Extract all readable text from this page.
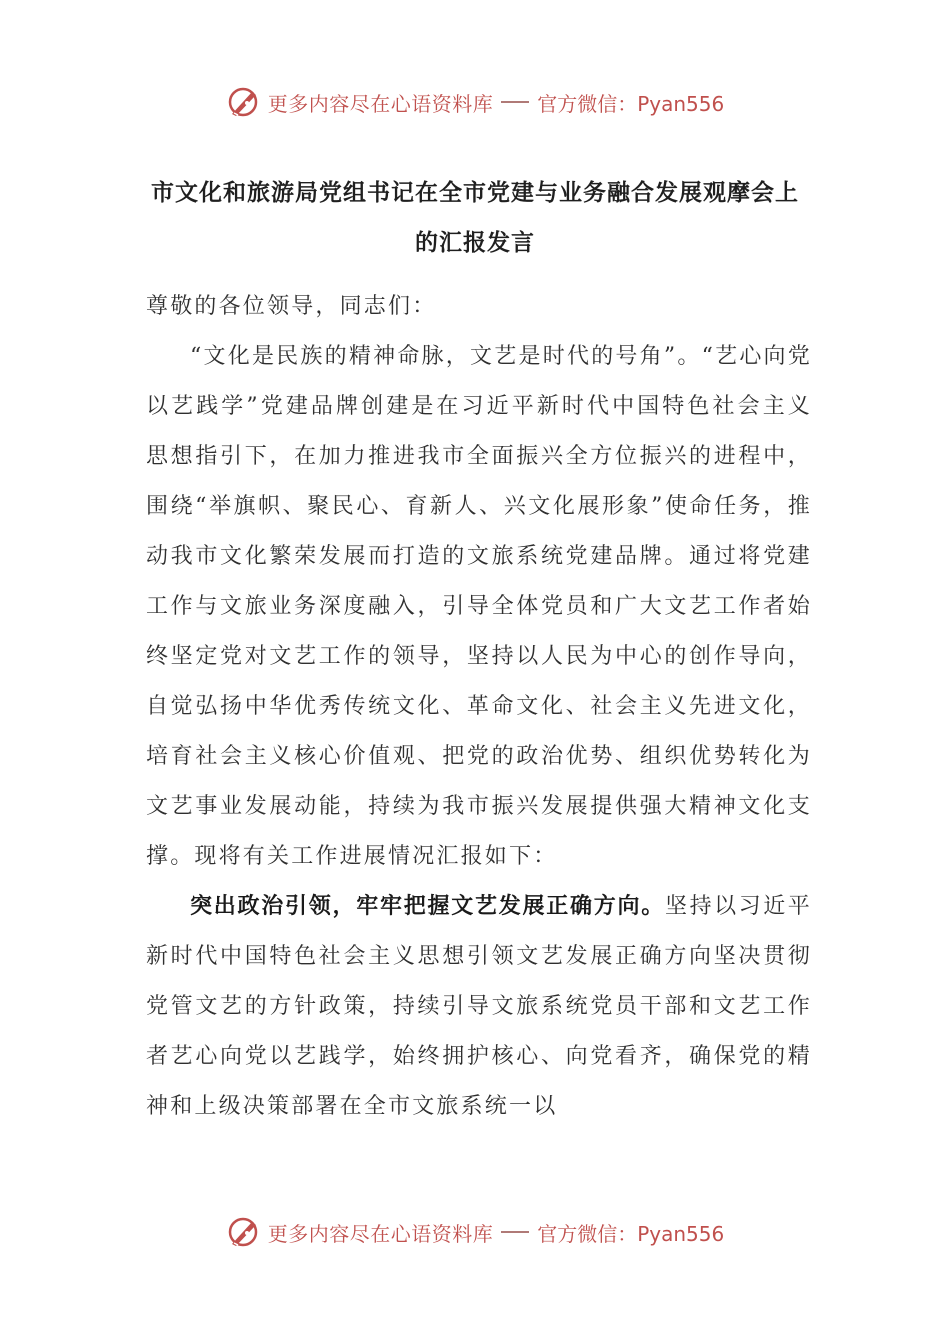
更多内容尽在心语资料库 官方微信：Pyan556
市文化和旅游局党组书记在全市党建与业务融合发展观摩会上的汇报发言

尊敬的各位领导，同志们：

“文化是民族的精神命脉，文艺是时代的号角”。“艺心向党以艺践学”党建品牌创建是在习近平新时代中国特色社会主义思想指引下，在加力推进我市全面振兴全方位振兴的进程中，围绕“举旗帜、聚民心、育新人、兴文化展形象”使命任务，推动我市文化繁荣发展而打造的文旅系统党建品牌。通过将党建工作与文旅业务深度融入，引导全体党员和广大文艺工作者始终坚定党对文艺工作的领导，坚持以人民为中心的创作导向，自觉弘扬中华优秀传统文化、革命文化、社会主义先进文化，培育社会主义核心价值观、把党的政治优势、组织优势转化为文艺事业发展动能，持续为我市振兴发展提供强大精神文化支撑。现将有关工作进展情况汇报如下：

突出政治引领，牢牢把握文艺发展正确方向。坚持以习近平新时代中国特色社会主义思想引领文艺发展正确方向坚决贯彻党管文艺的方针政策，持续引导文旅系统党员干部和文艺工作者艺心向党以艺践学，始终拥护核心、向党看齐，确保党的精神和上级决策部署在全市文旅系统一以

更多内容尽在心语资料库 官方微信：Pyan556
